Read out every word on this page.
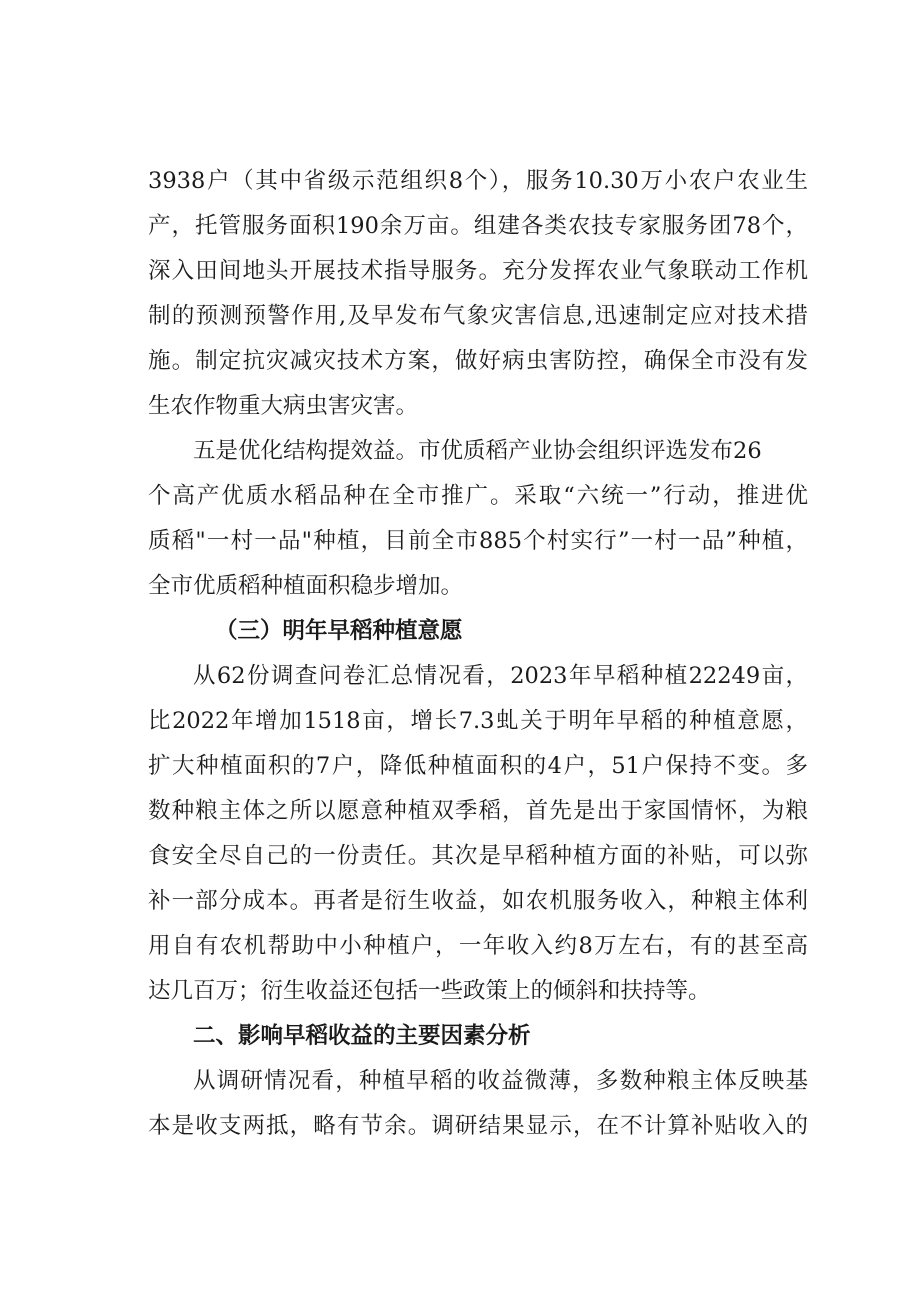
3938户（其中省级示范组织8个），服务10.30万小农户农业生
产，托管服务面积190余万亩。组建各类农技专家服务团78个，
深入田间地头开展技术指导服务。充分发挥农业气象联动工作机
制的预测预警作用,及早发布气象灾害信息,迅速制定应对技术措
施。制定抗灾减灾技术方案，做好病虫害防控，确保全市没有发
生农作物重大病虫害灾害。
五是优化结构提效益。市优质稻产业协会组织评选发布26
个高产优质水稻品种在全市推广。采取“六统一”行动，推进优
质稻"一村一品"种植，目前全市885个村实行”一村一品”种植，
全市优质稻种植面积稳步增加。
（三）明年早稻种植意愿
从62份调查问卷汇总情况看，2023年早稻种植22249亩，
比2022年增加1518亩，增长7.3虬关于明年早稻的种植意愿，
扩大种植面积的7户，降低种植面积的4户，51户保持不变。多
数种粮主体之所以愿意种植双季稻，首先是出于家国情怀，为粮
食安全尽自己的一份责任。其次是早稻种植方面的补贴，可以弥
补一部分成本。再者是衍生收益，如农机服务收入，种粮主体利
用自有农机帮助中小种植户，一年收入约8万左右，有的甚至高
达几百万；衍生收益还包括一些政策上的倾斜和扶持等。
二、影响早稻收益的主要因素分析
从调研情况看，种植早稻的收益微薄，多数种粮主体反映基
本是收支两抵，略有节余。调研结果显示，在不计算补贴收入的
